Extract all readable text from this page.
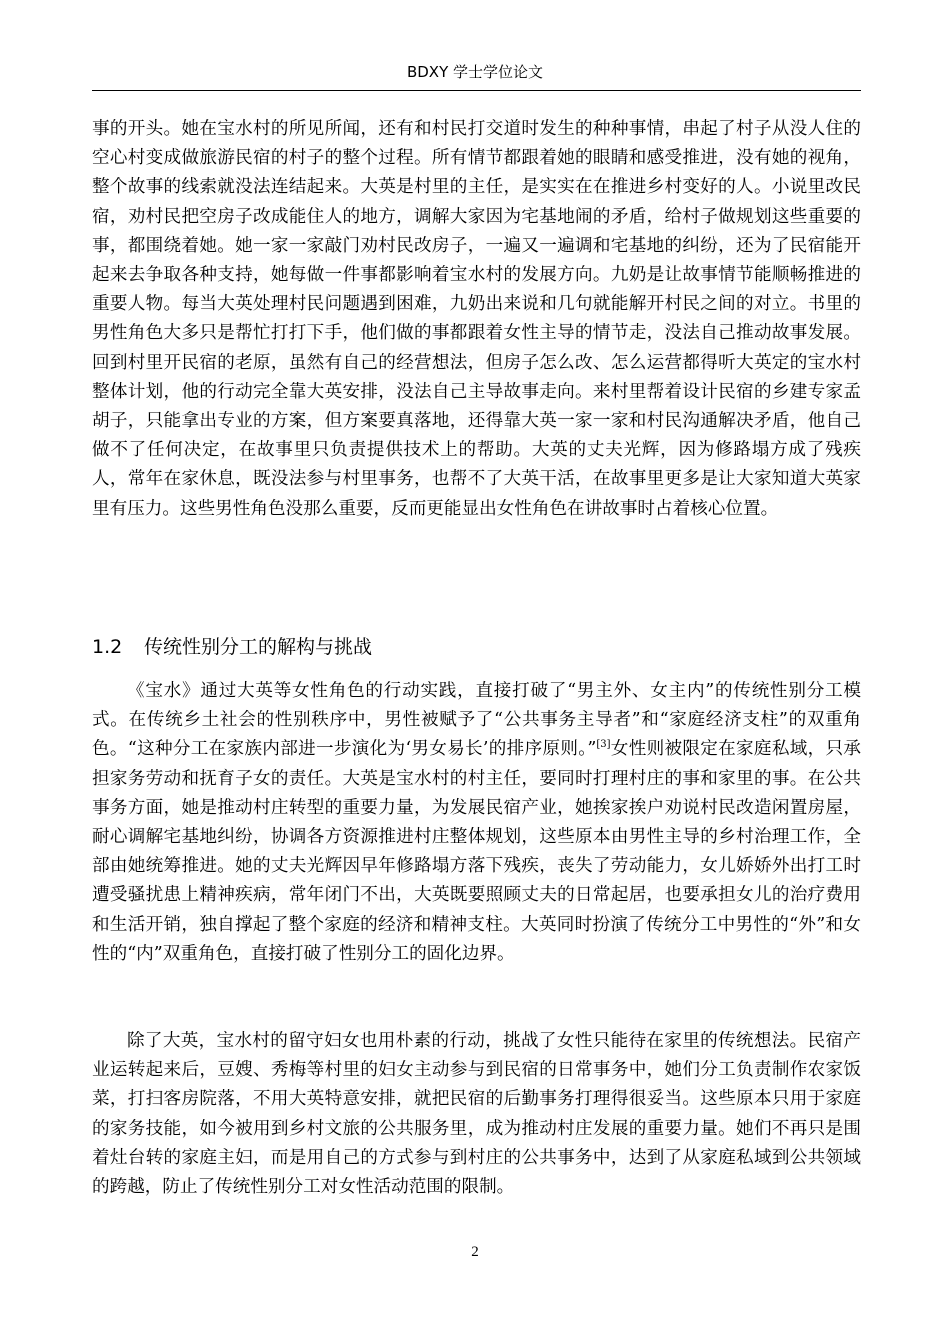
BDXY 学士学位论文

事的开头。她在宝水村的所见所闻，还有和村民打交道时发生的种种事情，串起了村子从没人住的空心村变成做旅游民宿的村子的整个过程。所有情节都跟着她的眼睛和感受推进，没有她的视角，整个故事的线索就没法连结起来。大英是村里的主任，是实实在在推进乡村变好的人。小说里改民宿，劝村民把空房子改成能住人的地方，调解大家因为宅基地闹的矛盾，给村子做规划这些重要的事，都围绕着她。她一家一家敲门劝村民改房子，一遍又一遍调和宅基地的纠纷，还为了民宿能开起来去争取各种支持，她每做一件事都影响着宝水村的发展方向。九奶是让故事情节能顺畅推进的重要人物。每当大英处理村民问题遇到困难，九奶出来说和几句就能解开村民之间的对立。书里的男性角色大多只是帮忙打打下手，他们做的事都跟着女性主导的情节走，没法自己推动故事发展。回到村里开民宿的老原，虽然有自己的经营想法，但房子怎么改、怎么运营都得听大英定的宝水村整体计划，他的行动完全靠大英安排，没法自己主导故事走向。来村里帮着设计民宿的乡建专家孟胡子，只能拿出专业的方案，但方案要真落地，还得靠大英一家一家和村民沟通解决矛盾，他自己做不了任何决定，在故事里只负责提供技术上的帮助。大英的丈夫光辉，因为修路塌方成了残疾人，常年在家休息，既没法参与村里事务，也帮不了大英干活，在故事里更多是让大家知道大英家里有压力。这些男性角色没那么重要，反而更能显出女性角色在讲故事时占着核心位置。

1.2 传统性别分工的解构与挑战

《宝水》通过大英等女性角色的行动实践，直接打破了“男主外、女主内”的传统性别分工模式。在传统乡土社会的性别秩序中，男性被赋予了“公共事务主导者”和“家庭经济支柱”的双重角色。“这种分工在家族内部进一步演化为‘男女易长’的排序原则。”[3]女性则被限定在家庭私域，只承担家务劳动和抚育子女的责任。大英是宝水村的村主任，要同时打理村庄的事和家里的事。在公共事务方面，她是推动村庄转型的重要力量，为发展民宿产业，她挨家挨户劝说村民改造闲置房屋，耐心调解宅基地纠纷，协调各方资源推进村庄整体规划，这些原本由男性主导的乡村治理工作，全部由她统筹推进。她的丈夫光辉因早年修路塌方落下残疾，丧失了劳动能力，女儿娇娇外出打工时遭受骚扰患上精神疾病，常年闭门不出，大英既要照顾丈夫的日常起居，也要承担女儿的治疗费用和生活开销，独自撑起了整个家庭的经济和精神支柱。大英同时扮演了传统分工中男性的“外”和女性的“内”双重角色，直接打破了性别分工的固化边界。

除了大英，宝水村的留守妇女也用朴素的行动，挑战了女性只能待在家里的传统想法。民宿产业运转起来后，豆嫂、秀梅等村里的妇女主动参与到民宿的日常事务中，她们分工负责制作农家饭菜，打扫客房院落，不用大英特意安排，就把民宿的后勤事务打理得很妥当。这些原本只用于家庭的家务技能，如今被用到乡村文旅的公共服务里，成为推动村庄发展的重要力量。她们不再只是围着灶台转的家庭主妇，而是用自己的方式参与到村庄的公共事务中，达到了从家庭私域到公共领域的跨越，防止了传统性别分工对女性活动范围的限制。

2
